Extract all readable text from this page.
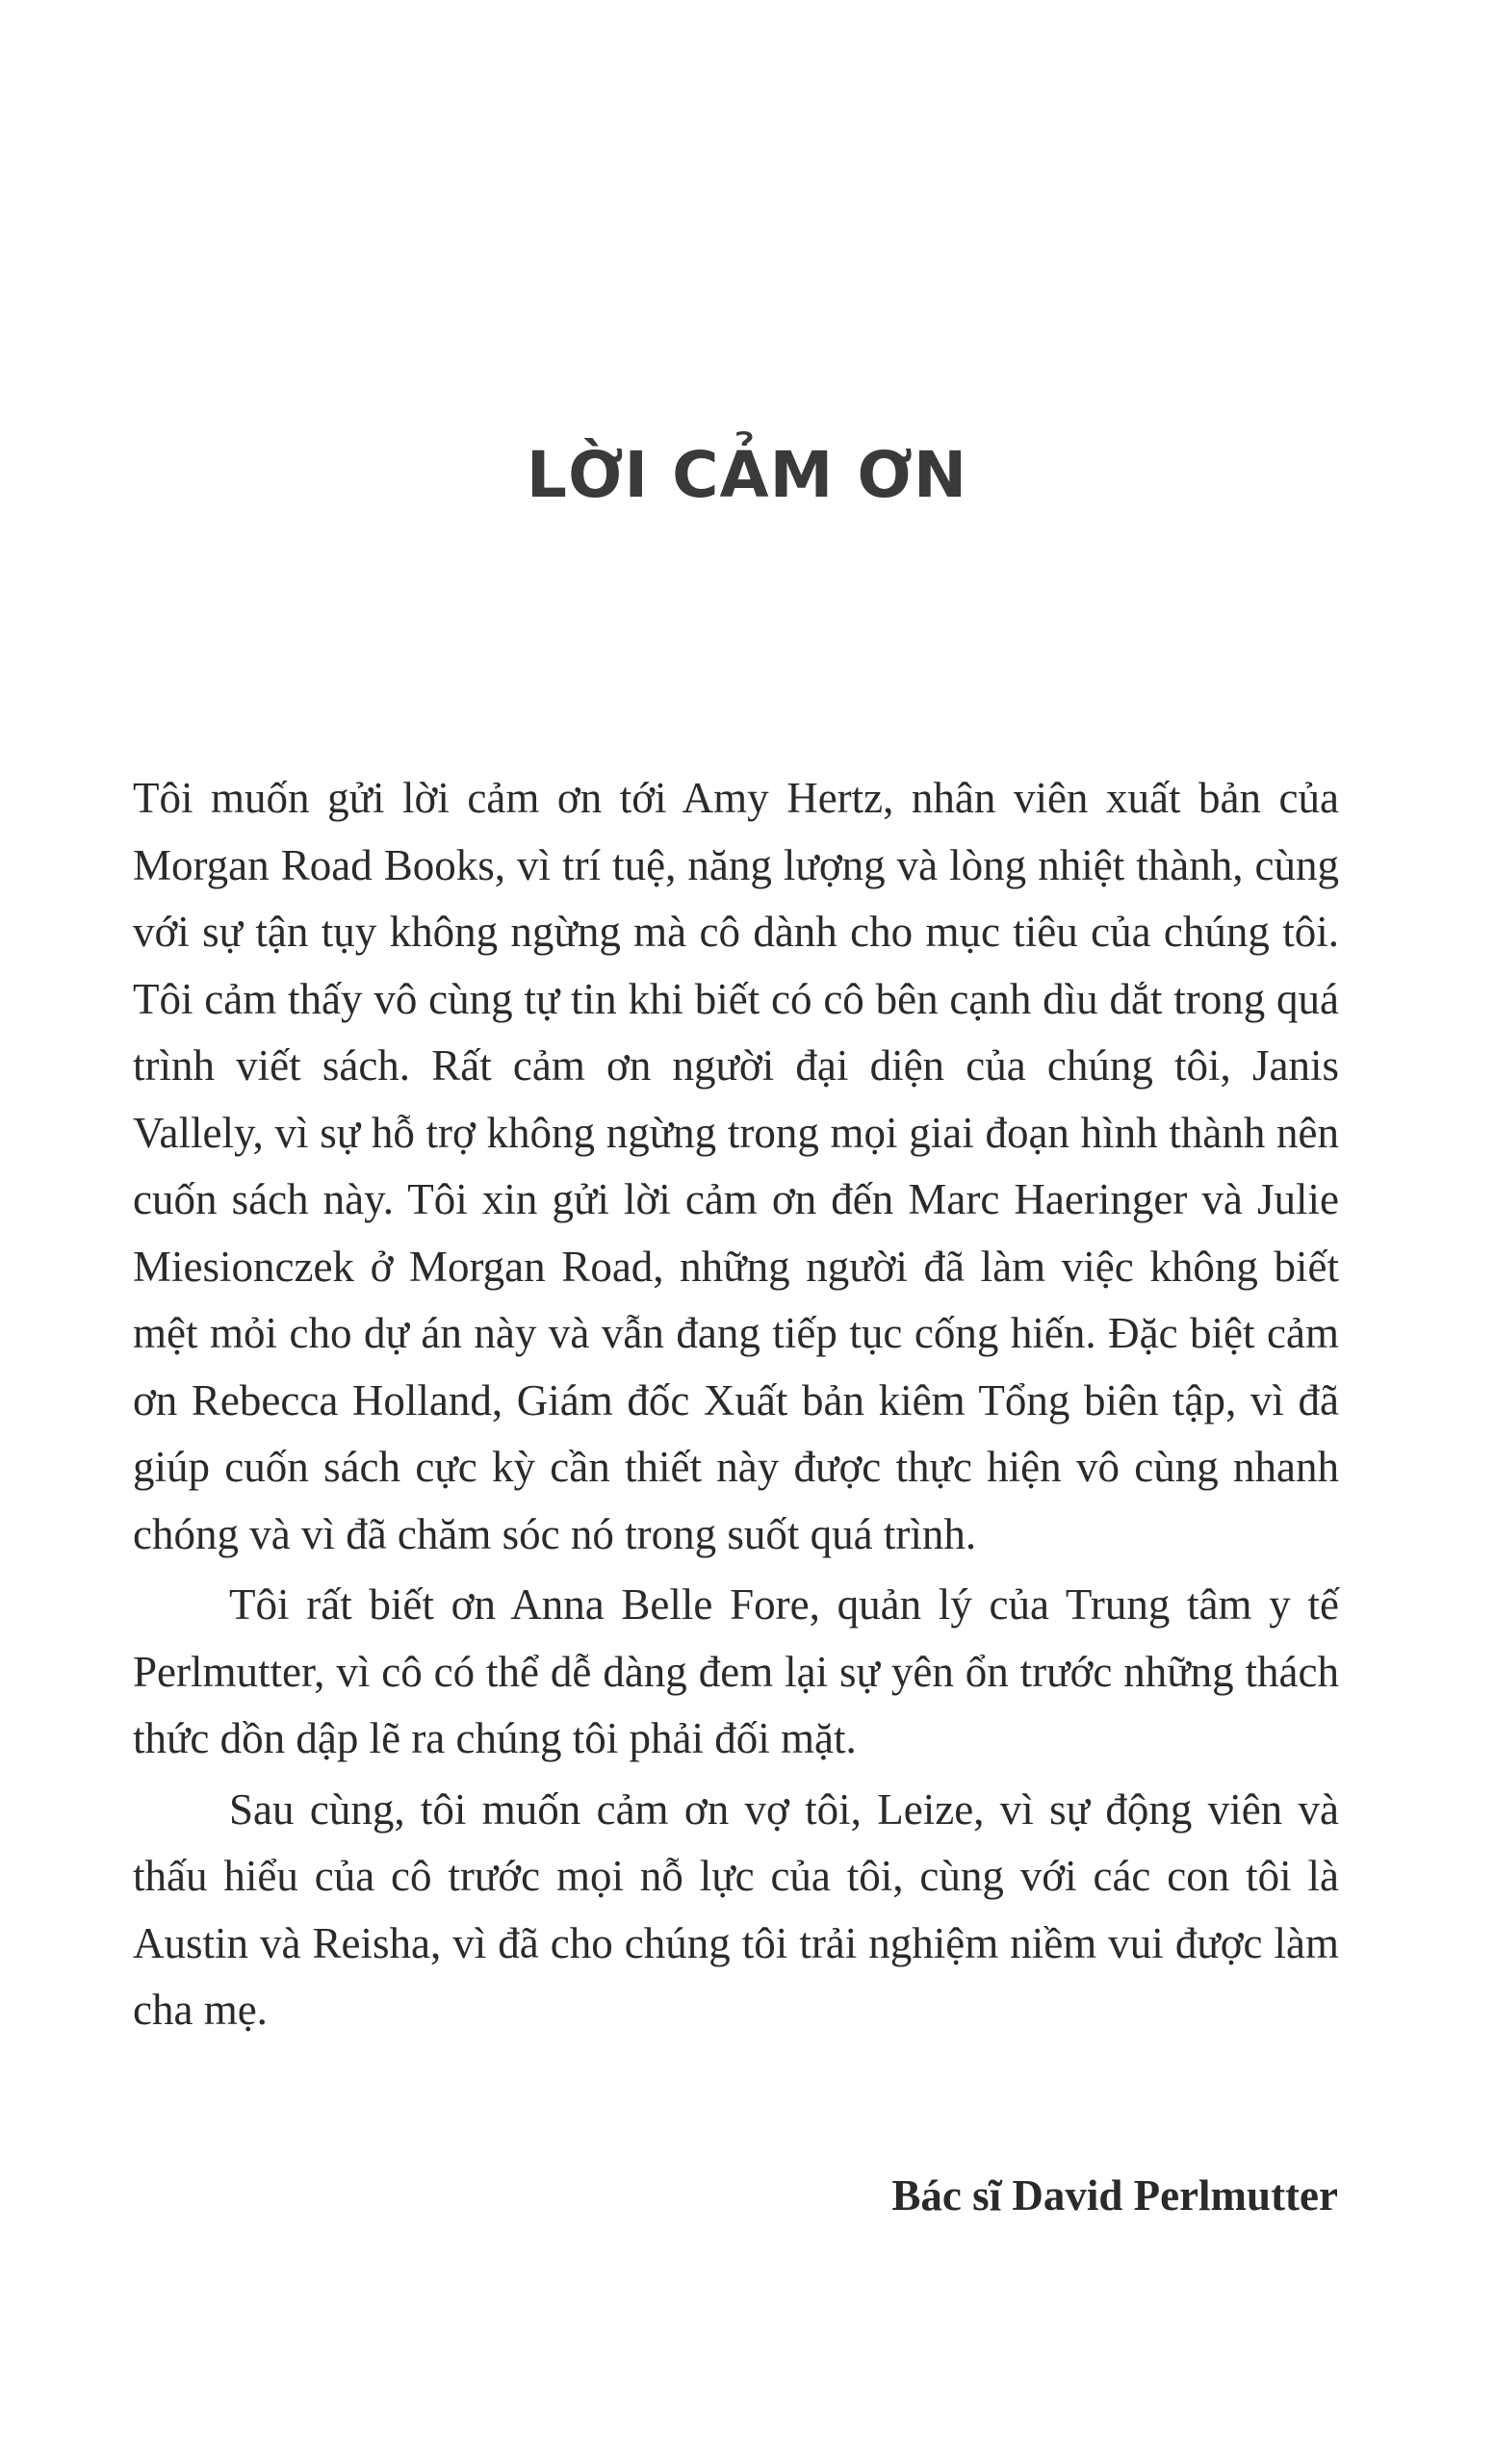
LỜI CẢM ƠN

Tôi muốn gửi lời cảm ơn tới Amy Hertz, nhân viên xuất bản của Morgan Road Books, vì trí tuệ, năng lượng và lòng nhiệt thành, cùng với sự tận tụy không ngừng mà cô dành cho mục tiêu của chúng tôi. Tôi cảm thấy vô cùng tự tin khi biết có cô bên cạnh dìu dắt trong quá trình viết sách. Rất cảm ơn người đại diện của chúng tôi, Janis Vallely, vì sự hỗ trợ không ngừng trong mọi giai đoạn hình thành nên cuốn sách này. Tôi xin gửi lời cảm ơn đến Marc Haeringer và Julie Miesionczek ở Morgan Road, những người đã làm việc không biết mệt mỏi cho dự án này và vẫn đang tiếp tục cống hiến. Đặc biệt cảm ơn Rebecca Holland, Giám đốc Xuất bản kiêm Tổng biên tập, vì đã giúp cuốn sách cực kỳ cần thiết này được thực hiện vô cùng nhanh chóng và vì đã chăm sóc nó trong suốt quá trình.

Tôi rất biết ơn Anna Belle Fore, quản lý của Trung tâm y tế Perlmutter, vì cô có thể dễ dàng đem lại sự yên ổn trước những thách thức dồn dập lẽ ra chúng tôi phải đối mặt.

Sau cùng, tôi muốn cảm ơn vợ tôi, Leize, vì sự động viên và thấu hiểu của cô trước mọi nỗ lực của tôi, cùng với các con tôi là Austin và Reisha, vì đã cho chúng tôi trải nghiệm niềm vui được làm cha mẹ.

Bác sĩ David Perlmutter
